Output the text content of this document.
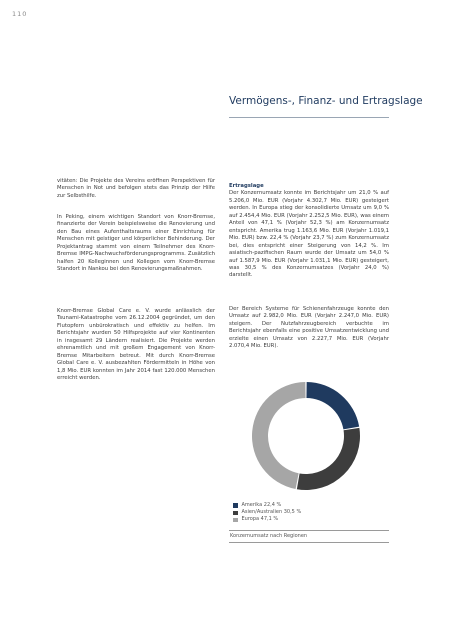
110
Vermögens-, Finanz- und Ertragslage

vitäten: Die Projekte des Vereins eröffnen Perspektiven für Menschen in Not und befolgen stets das Prinzip der Hilfe zur Selbsthilfe.

In Peking, einem wichtigen Standort von Knorr-Bremse, finanzierte der Verein beispielsweise die Renovierung und den Bau eines Aufenthaltsraums einer Einrichtung für Menschen mit geistiger und körperlicher Behinderung. Der Projektantrag stammt von einem Teilnehmer des Knorr-Bremse IMPG-Nachwuchsförderungsprogramms. Zusätzlich halfen 20 Kolleginnen und Kollegen vom Knorr-Bremse Standort in Nankou bei den Renovierungsmaßnahmen.

Knorr-Bremse Global Care e. V. wurde anlässlich der Tsunami-Katastrophe vom 26.12.2004 gegründet, um den Flutopfern unbürokratisch und effektiv zu helfen. Im Berichtsjahr wurden 50 Hilfsprojekte auf vier Kontinenten in insgesamt 29 Ländern realisiert. Die Projekte werden ehrenamtlich und mit großem Engagement von Knorr-Bremse Mitarbeitern betreut. Mit durch Knorr-Bremse Global Care e. V. ausbezahlten Fördermitteln in Höhe von 1,8 Mio. EUR konnten im Jahr 2014 fast 120.000 Menschen erreicht werden.

Ertragslage
Der Konzernumsatz konnte im Berichtsjahr um 21,0 % auf 5.206,0 Mio. EUR (Vorjahr 4.302,7 Mio. EUR) gesteigert werden. In Europa stieg der konsolidierte Umsatz um 9,0 % auf 2.454,4 Mio. EUR (Vorjahr 2.252,5 Mio. EUR), was einem Anteil von 47,1 % (Vorjahr 52,3 %) am Konzernumsatz entspricht. Amerika trug 1.163,6 Mio. EUR (Vorjahr 1.019,1 Mio. EUR) bzw. 22,4 % (Vorjahr 23,7 %) zum Konzernumsatz bei, dies entspricht einer Steigerung von 14,2 %. Im asiatisch-pazifischen Raum wurde der Umsatz um 54,0 % auf 1.587,9 Mio. EUR (Vorjahr 1.031,1 Mio. EUR) gesteigert, was 30,5 % des Konzernumsatzes (Vorjahr 24,0 %) darstellt.

Der Bereich Systeme für Schienenfahrzeuge konnte den Umsatz auf 2.982,0 Mio. EUR (Vorjahr 2.247,0 Mio. EUR) steigern. Der Nutzfahrzeugbereich verbuchte im Berichtsjahr ebenfalls eine positive Umsatzentwicklung und erzielte einen Umsatz von 2.227,7 Mio. EUR (Vorjahr 2.070,4 Mio. EUR).

Amerika 22,4 %
Asien/Australien 30,5 %
Europa 47,1 %
Konzernumsatz nach Regionen
